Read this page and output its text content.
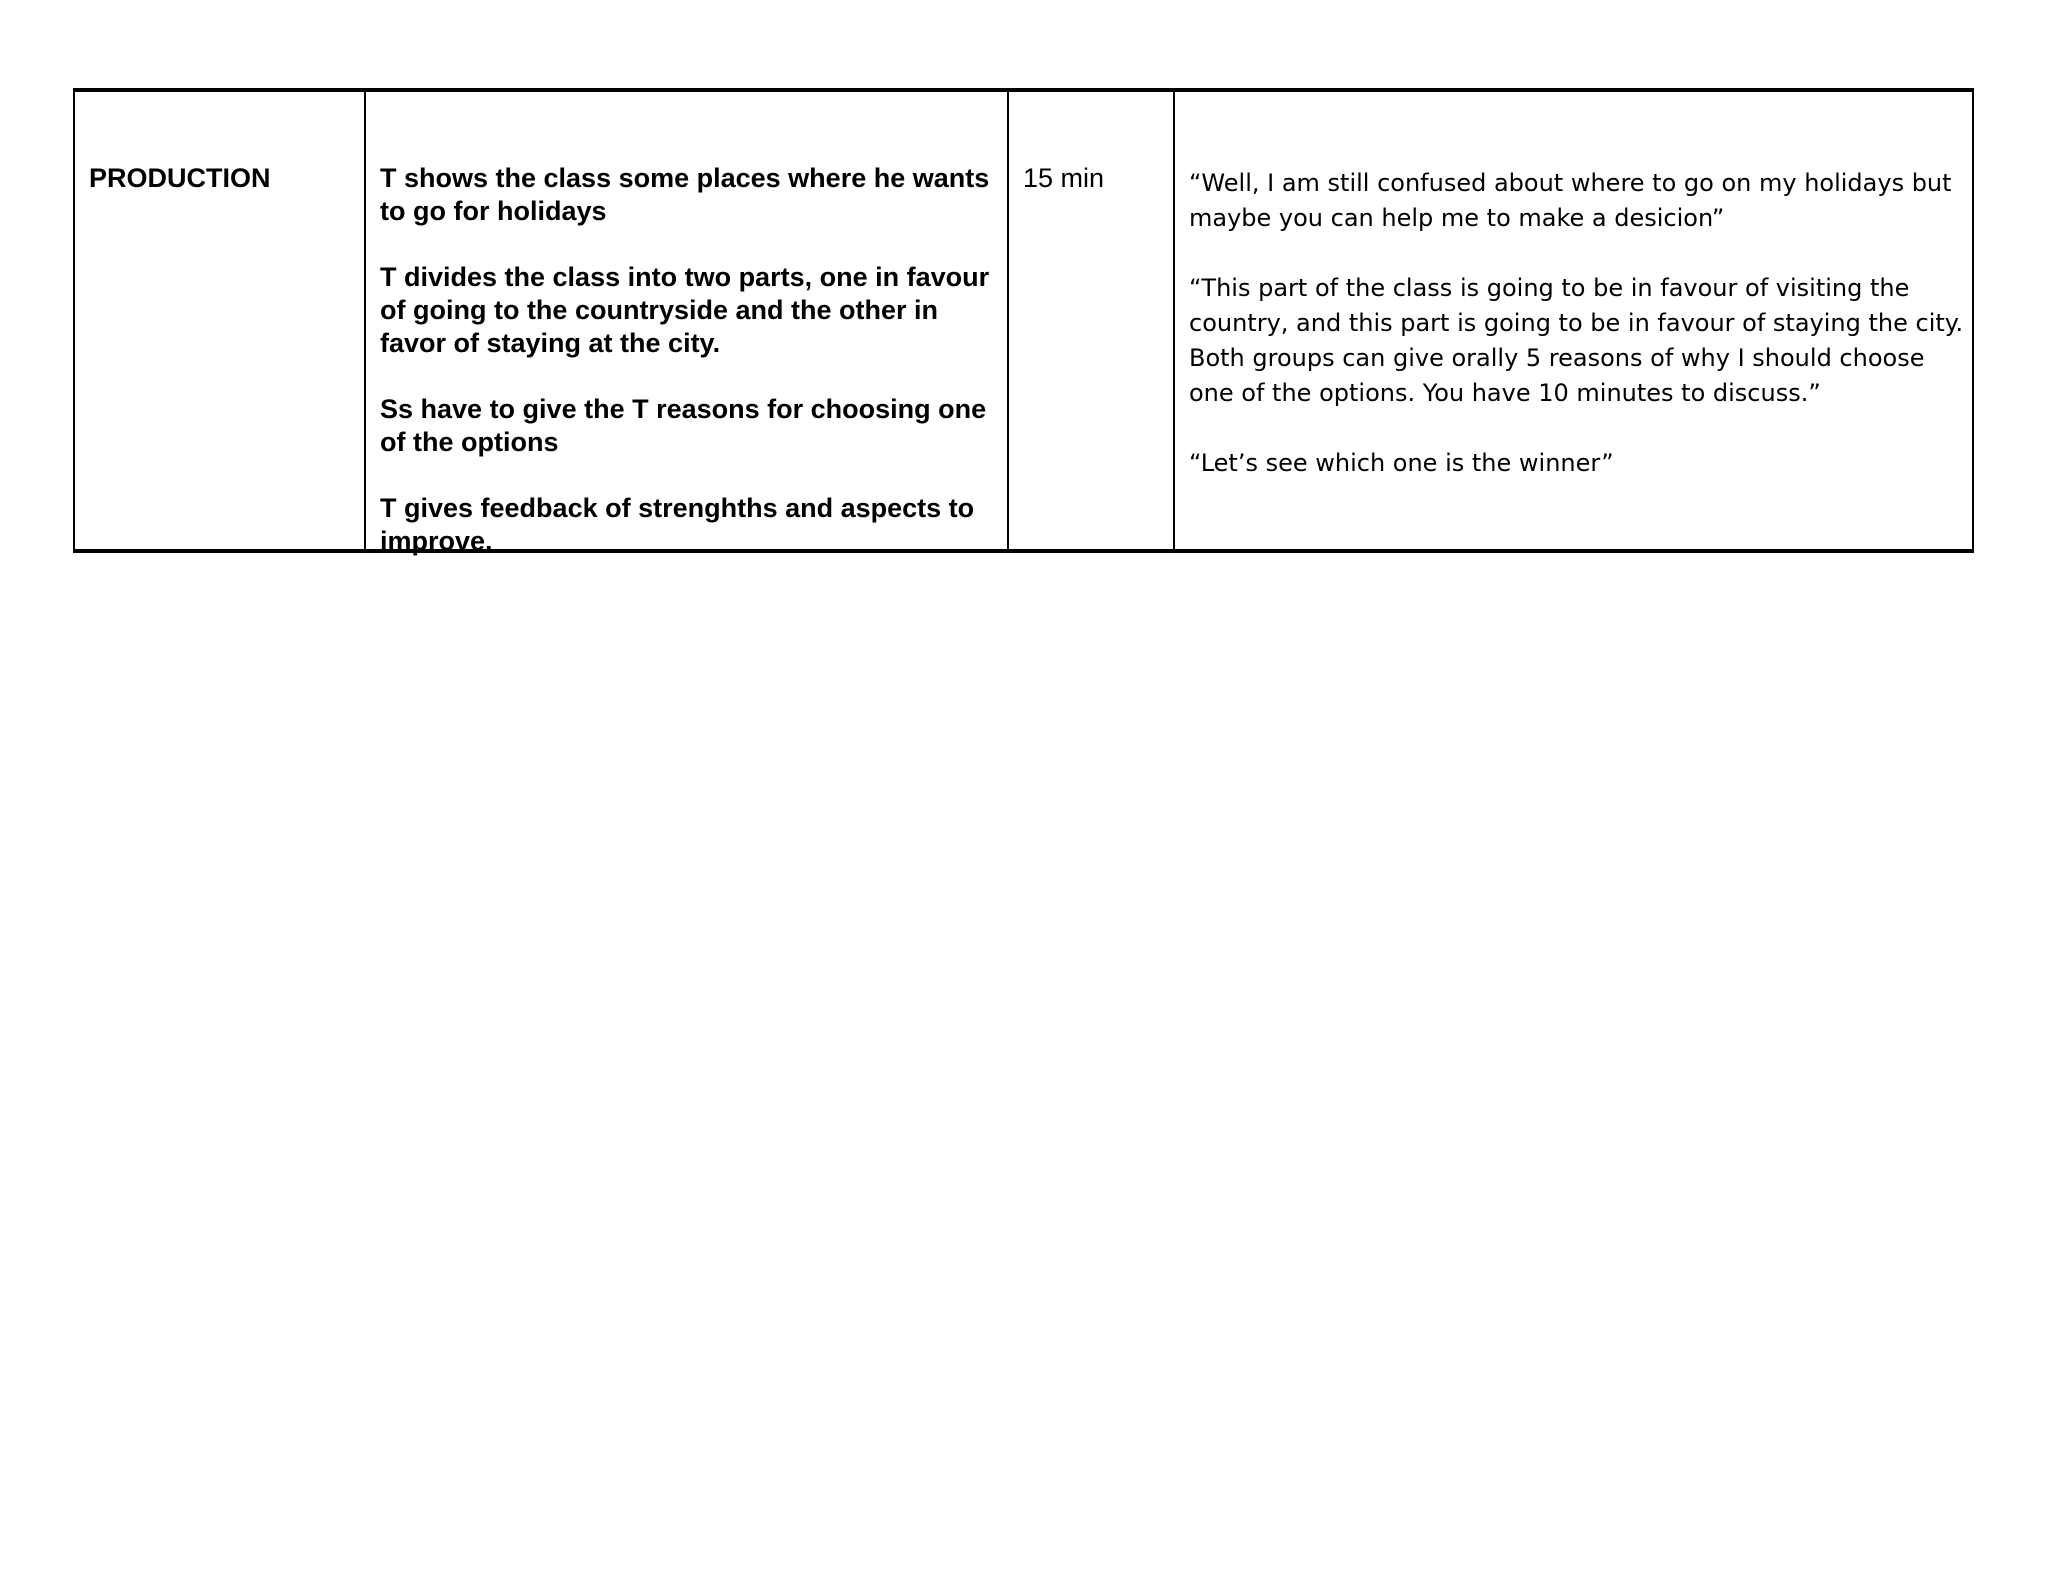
PRODUCTION	T shows the class some places where he wants to go for holidays
T divides the class into two parts, one in favour of going to the countryside and the other in favor of staying at the city.
Ss have to give the T reasons for choosing one of the options
T gives feedback of strenghths and aspects to improve.

15 min	“Well, I am still confused about where to go on my holidays but maybe you can help me to make a desicion”
“This part of the class is going to be in favour of visiting the country, and this part is going to be in favour of staying the city. Both groups can give orally 5 reasons of why I should choose one of the options. You have 10 minutes to discuss.”
“Let’s see which one is the winner”
